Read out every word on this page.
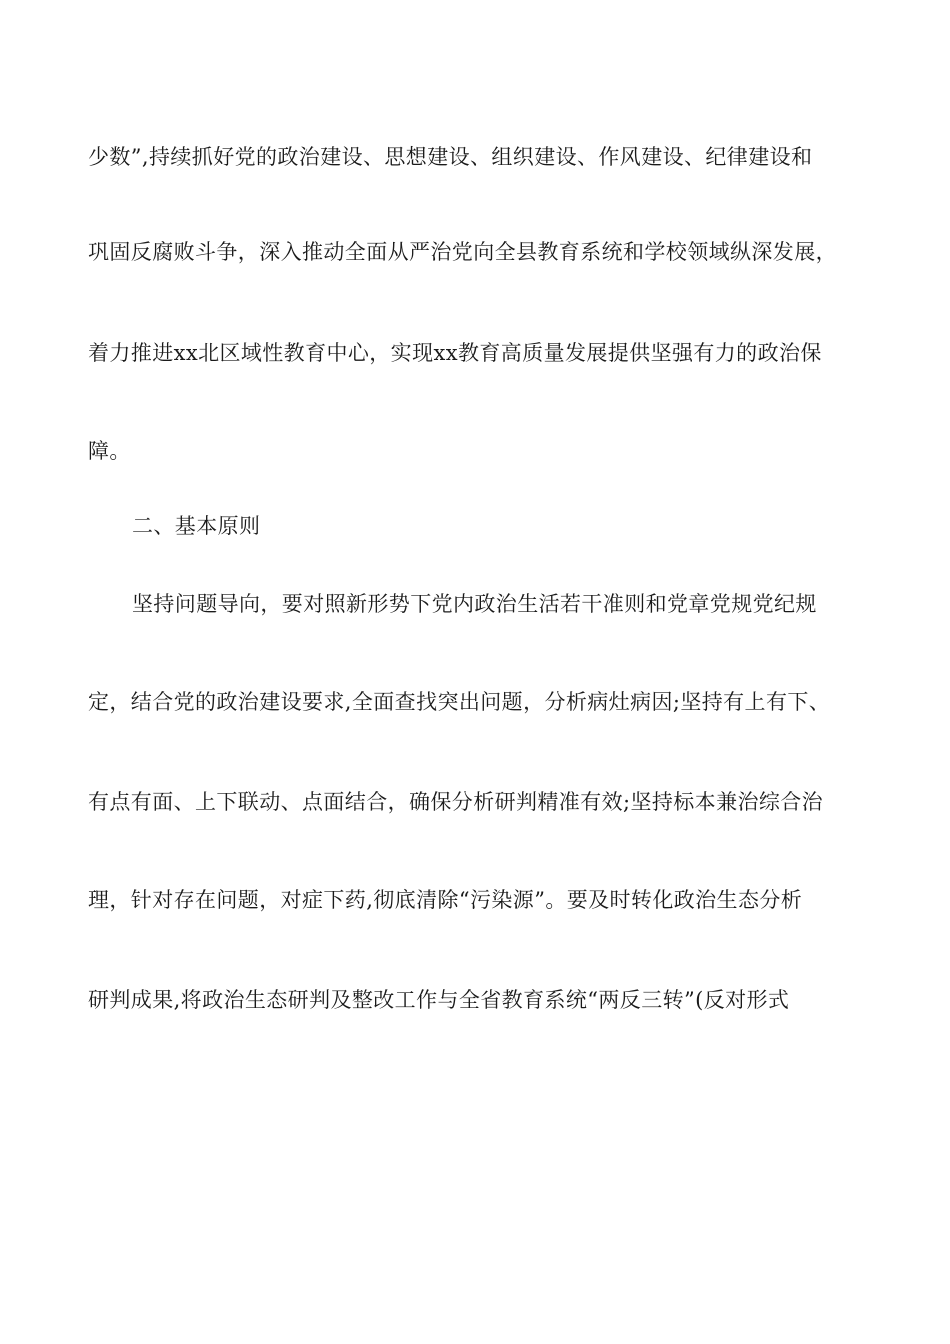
少数”,持续抓好党的政治建设、思想建设、组织建设、作风建设、纪律建设和
巩固反腐败斗争，深入推动全面从严治党向全县教育系统和学校领域纵深发展，
着力推进xx北区域性教育中心，实现xx教育高质量发展提供坚强有力的政治保
障。
二、基本原则
坚持问题导向，要对照新形势下党内政治生活若干准则和党章党规党纪规
定，结合党的政治建设要求,全面查找突出问题，分析病灶病因;坚持有上有下、
有点有面、上下联动、点面结合，确保分析研判精准有效;坚持标本兼治综合治
理，针对存在问题，对症下药,彻底清除“污染源”。要及时转化政治生态分析
研判成果,将政治生态研判及整改工作与全省教育系统“两反三转”(反对形式
